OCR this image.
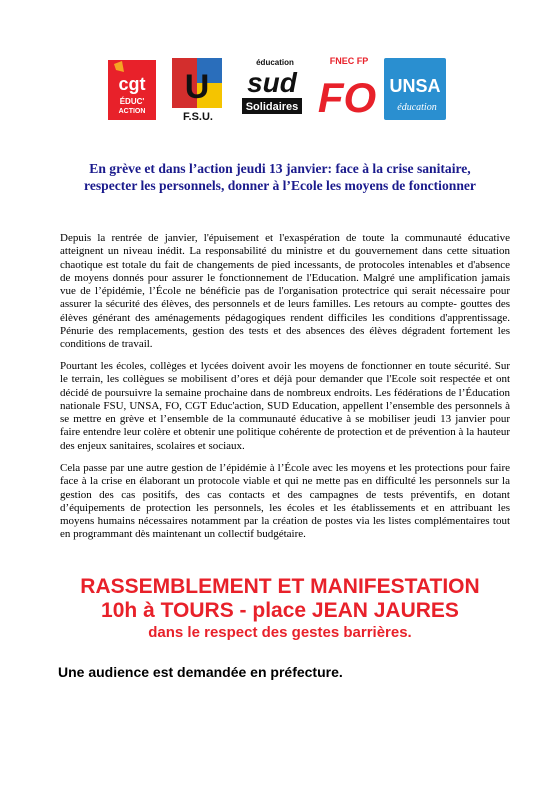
cgt
ÉDUC'
ACTION
U
F.S.U.
éducation
sud
Solidaires
FNEC FP
FO UNSA
éducation
En grève et dans l’action jeudi 13 janvier: face à la crise sanitaire,
respecter les personnels, donner à l’Ecole les moyens de fonctionner

Depuis la rentrée de janvier, l'épuisement et l'exaspération de toute la communauté éducative atteignent un niveau inédit. La responsabilité du ministre et du gouvernement dans cette situation chaotique est totale du fait de changements de pied incessants, de protocoles intenables et d'absence de moyens donnés pour assurer le fonctionnement de l'Education. Malgré une amplification jamais vue de l’épidémie, l’École ne bénéficie pas de l'organisation protectrice qui serait nécessaire pour assurer la sécurité des élèves, des personnels et de leurs familles. Les retours au compte- gouttes des élèves générant des aménagements pédagogiques rendent difficiles les conditions d'apprentissage. Pénurie des remplacements, gestion des tests et des absences des élèves dégradent fortement les conditions de travail.

Pourtant les écoles, collèges et lycées doivent avoir les moyens de fonctionner en toute sécurité. Sur le terrain, les collègues se mobilisent d’ores et déjà pour demander que l'Ecole soit respectée et ont décidé de poursuivre la semaine prochaine dans de nombreux endroits. Les fédérations de l’Éducation nationale FSU, UNSA, FO, CGT Educ'action, SUD Education, appellent l’ensemble des personnels à se mettre en grève et l’ensemble de la communauté éducative à se mobiliser jeudi 13 janvier pour faire entendre leur colère et obtenir une politique cohérente de protection et de prévention à la hauteur des enjeux sanitaires, scolaires et sociaux.

Cela passe par une autre gestion de l’épidémie à l’École avec les moyens et les protections pour faire face à la crise en élaborant un protocole viable et qui ne mette pas en difficulté les personnels sur la gestion des cas positifs, des cas contacts et des campagnes de tests préventifs, en dotant d’équipements de protection les personnels, les écoles et les établissements et en attribuant les moyens humains nécessaires notamment par la création de postes via les listes complémentaires tout en programmant dès maintenant un collectif budgétaire.

RASSEMBLEMENT ET MANIFESTATION
10h à TOURS - place JEAN JAURES
dans le respect des gestes barrières.
Une audience est demandée en préfecture.
